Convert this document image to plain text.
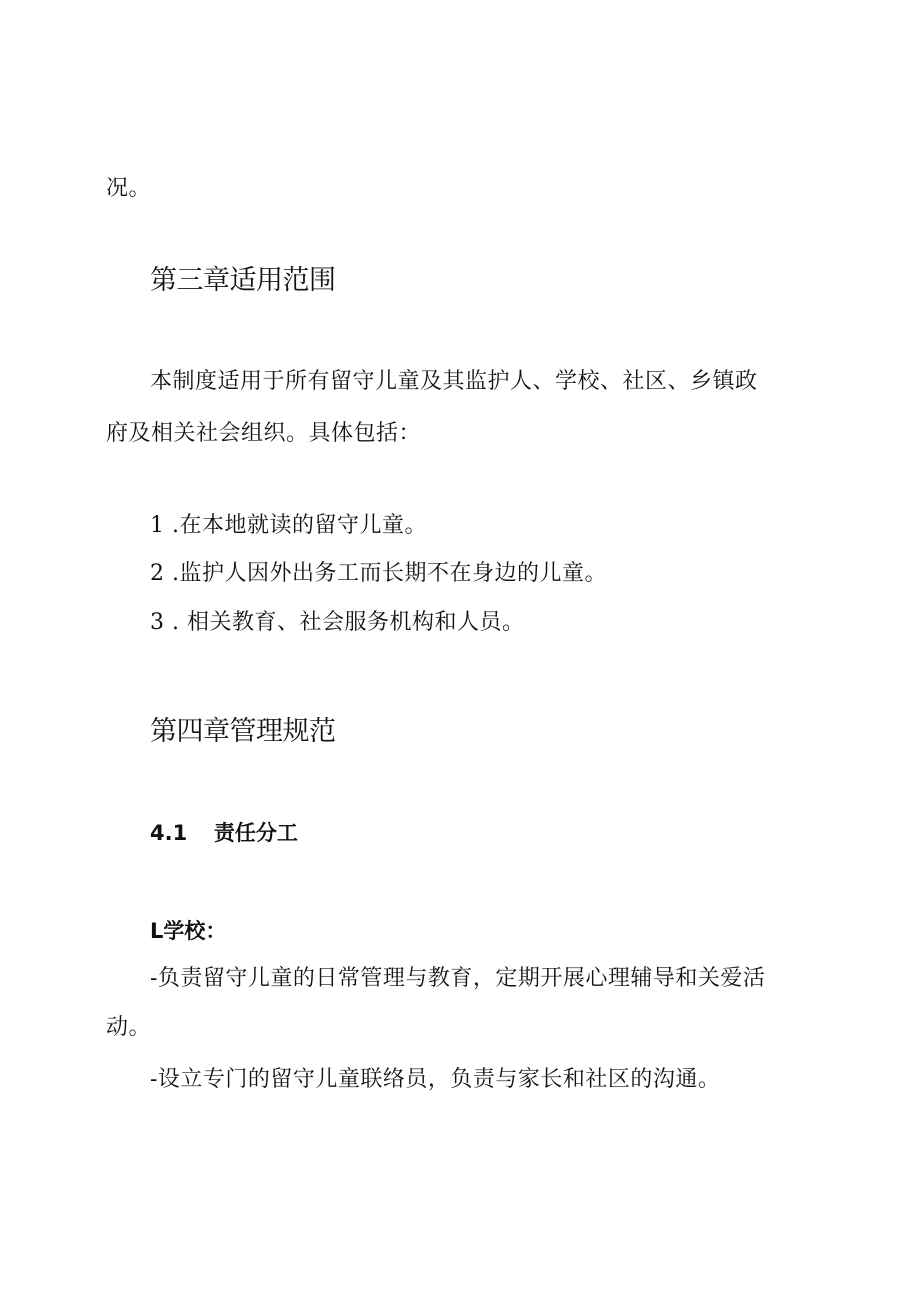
况。
第三章适用范围
本制度适用于所有留守儿童及其监护人、学校、社区、乡镇政
府及相关社会组织。具体包括：
1 .在本地就读的留守儿童。
2 .监护人因外出务工而长期不在身边的儿童。
3 . 相关教育、社会服务机构和人员。
第四章管理规范
4.1 责任分工
L学校：
-负责留守儿童的日常管理与教育，定期开展心理辅导和关爱活
动。
-设立专门的留守儿童联络员，负责与家长和社区的沟通。
